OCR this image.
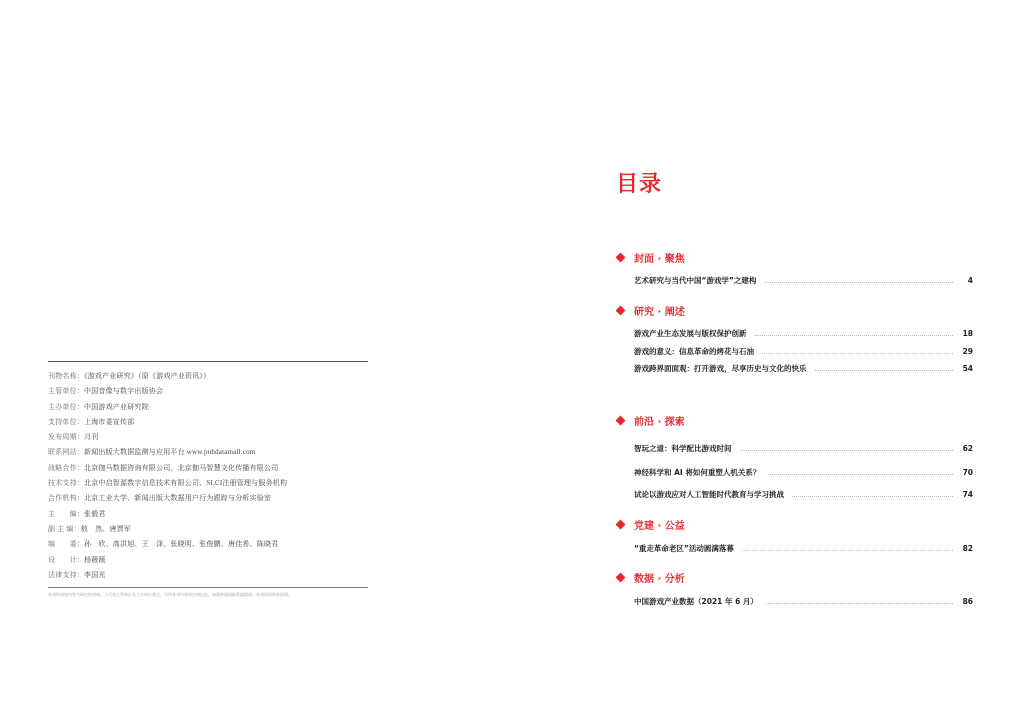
刊物名称：《游戏产业研究》（原《游戏产业资讯》）
主管单位：中国音像与数字出版协会
主办单位：中国游戏产业研究院
支持单位：上海市委宣传部
发布周期：月刊
联系网站：新闻出版大数据监测与应用平台 www.pubdatamall.com
战略合作：北京伽马数据咨询有限公司、北京伽马智慧文化传播有限公司
技术支持：北京中启智源数字信息技术有限公司、SLCI注册管理与服务机构
合作机构：北京工业大学、新闻出版大数据用户行为跟踪与分析实验室
主　　编：张毅君
副 主 编：敖　然、唐贾军
编　　委：孙　欣、高洪旭、王　泽、张晓明、张俊鹏、唐佳希、陈晓君
设　　计：杨薇薇
法律支持：李国光
本刊所刊登内容为研究性资料，不代表主管单位及主办单位观点。引用本刊内容请注明出处。如需转载请联系编辑部。本刊保留所有权利。
目录
封面 · 聚焦
艺术研究与当代中国“游戏学”之建构	4
研究 · 阐述
游戏产业生态发展与版权保护创新	18
游戏的意义：信息革命的烤花与石油	29
游戏跨界面面观：打开游戏，尽享历史与文化的快乐	54
前沿 · 探索
智玩之道：科学配比游戏时间	62
神经科学和 AI 将如何重塑人机关系？	70
试论以游戏应对人工智能时代教育与学习挑战	74
党建 · 公益
“重走革命老区”活动圆满落幕	82
数据 · 分析
中国游戏产业数据（2021 年 6 月）	86
